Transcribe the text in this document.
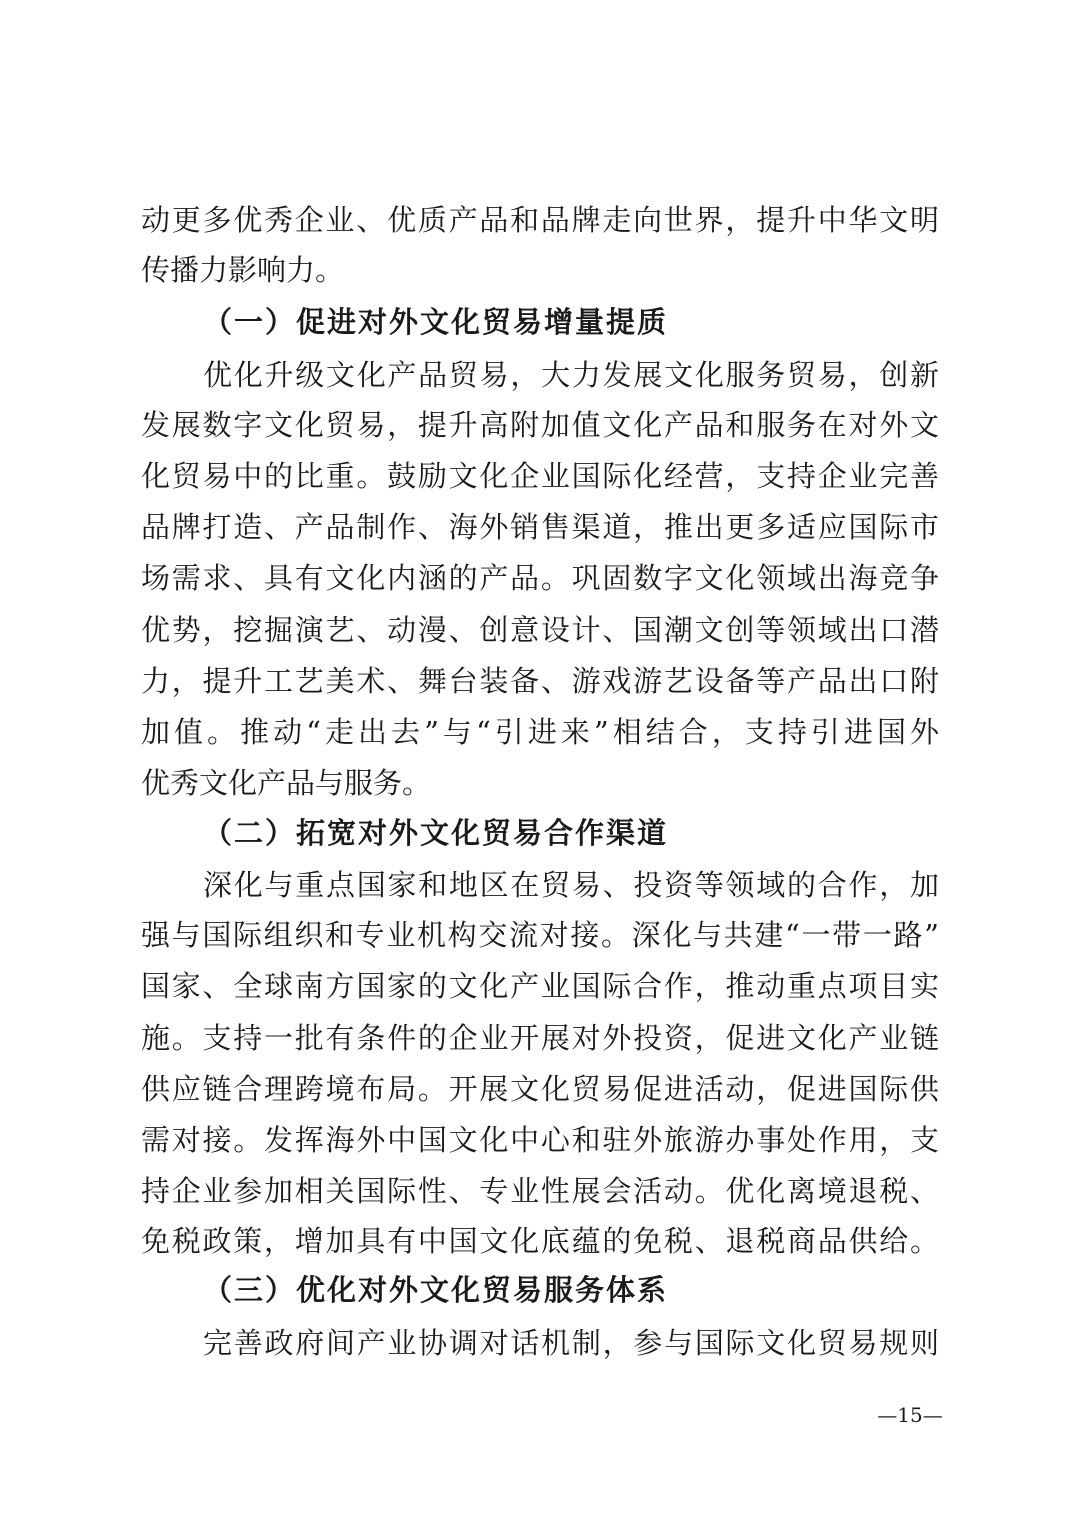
动更多优秀企业、优质产品和品牌走向世界，提升中华文明
传播力影响力。
（一）促进对外文化贸易增量提质
优化升级文化产品贸易，大力发展文化服务贸易，创新
发展数字文化贸易，提升高附加值文化产品和服务在对外文
化贸易中的比重。鼓励文化企业国际化经营，支持企业完善
品牌打造、产品制作、海外销售渠道，推出更多适应国际市
场需求、具有文化内涵的产品。巩固数字文化领域出海竞争
优势，挖掘演艺、动漫、创意设计、国潮文创等领域出口潜
力，提升工艺美术、舞台装备、游戏游艺设备等产品出口附
加值。推动“走出去”与“引进来”相结合，支持引进国外
优秀文化产品与服务。
（二）拓宽对外文化贸易合作渠道
深化与重点国家和地区在贸易、投资等领域的合作，加
强与国际组织和专业机构交流对接。深化与共建“一带一路”
国家、全球南方国家的文化产业国际合作，推动重点项目实
施。支持一批有条件的企业开展对外投资，促进文化产业链
供应链合理跨境布局。开展文化贸易促进活动，促进国际供
需对接。发挥海外中国文化中心和驻外旅游办事处作用，支
持企业参加相关国际性、专业性展会活动。优化离境退税、
免税政策，增加具有中国文化底蕴的免税、退税商品供给。
（三）优化对外文化贸易服务体系
完善政府间产业协调对话机制，参与国际文化贸易规则
—15—
